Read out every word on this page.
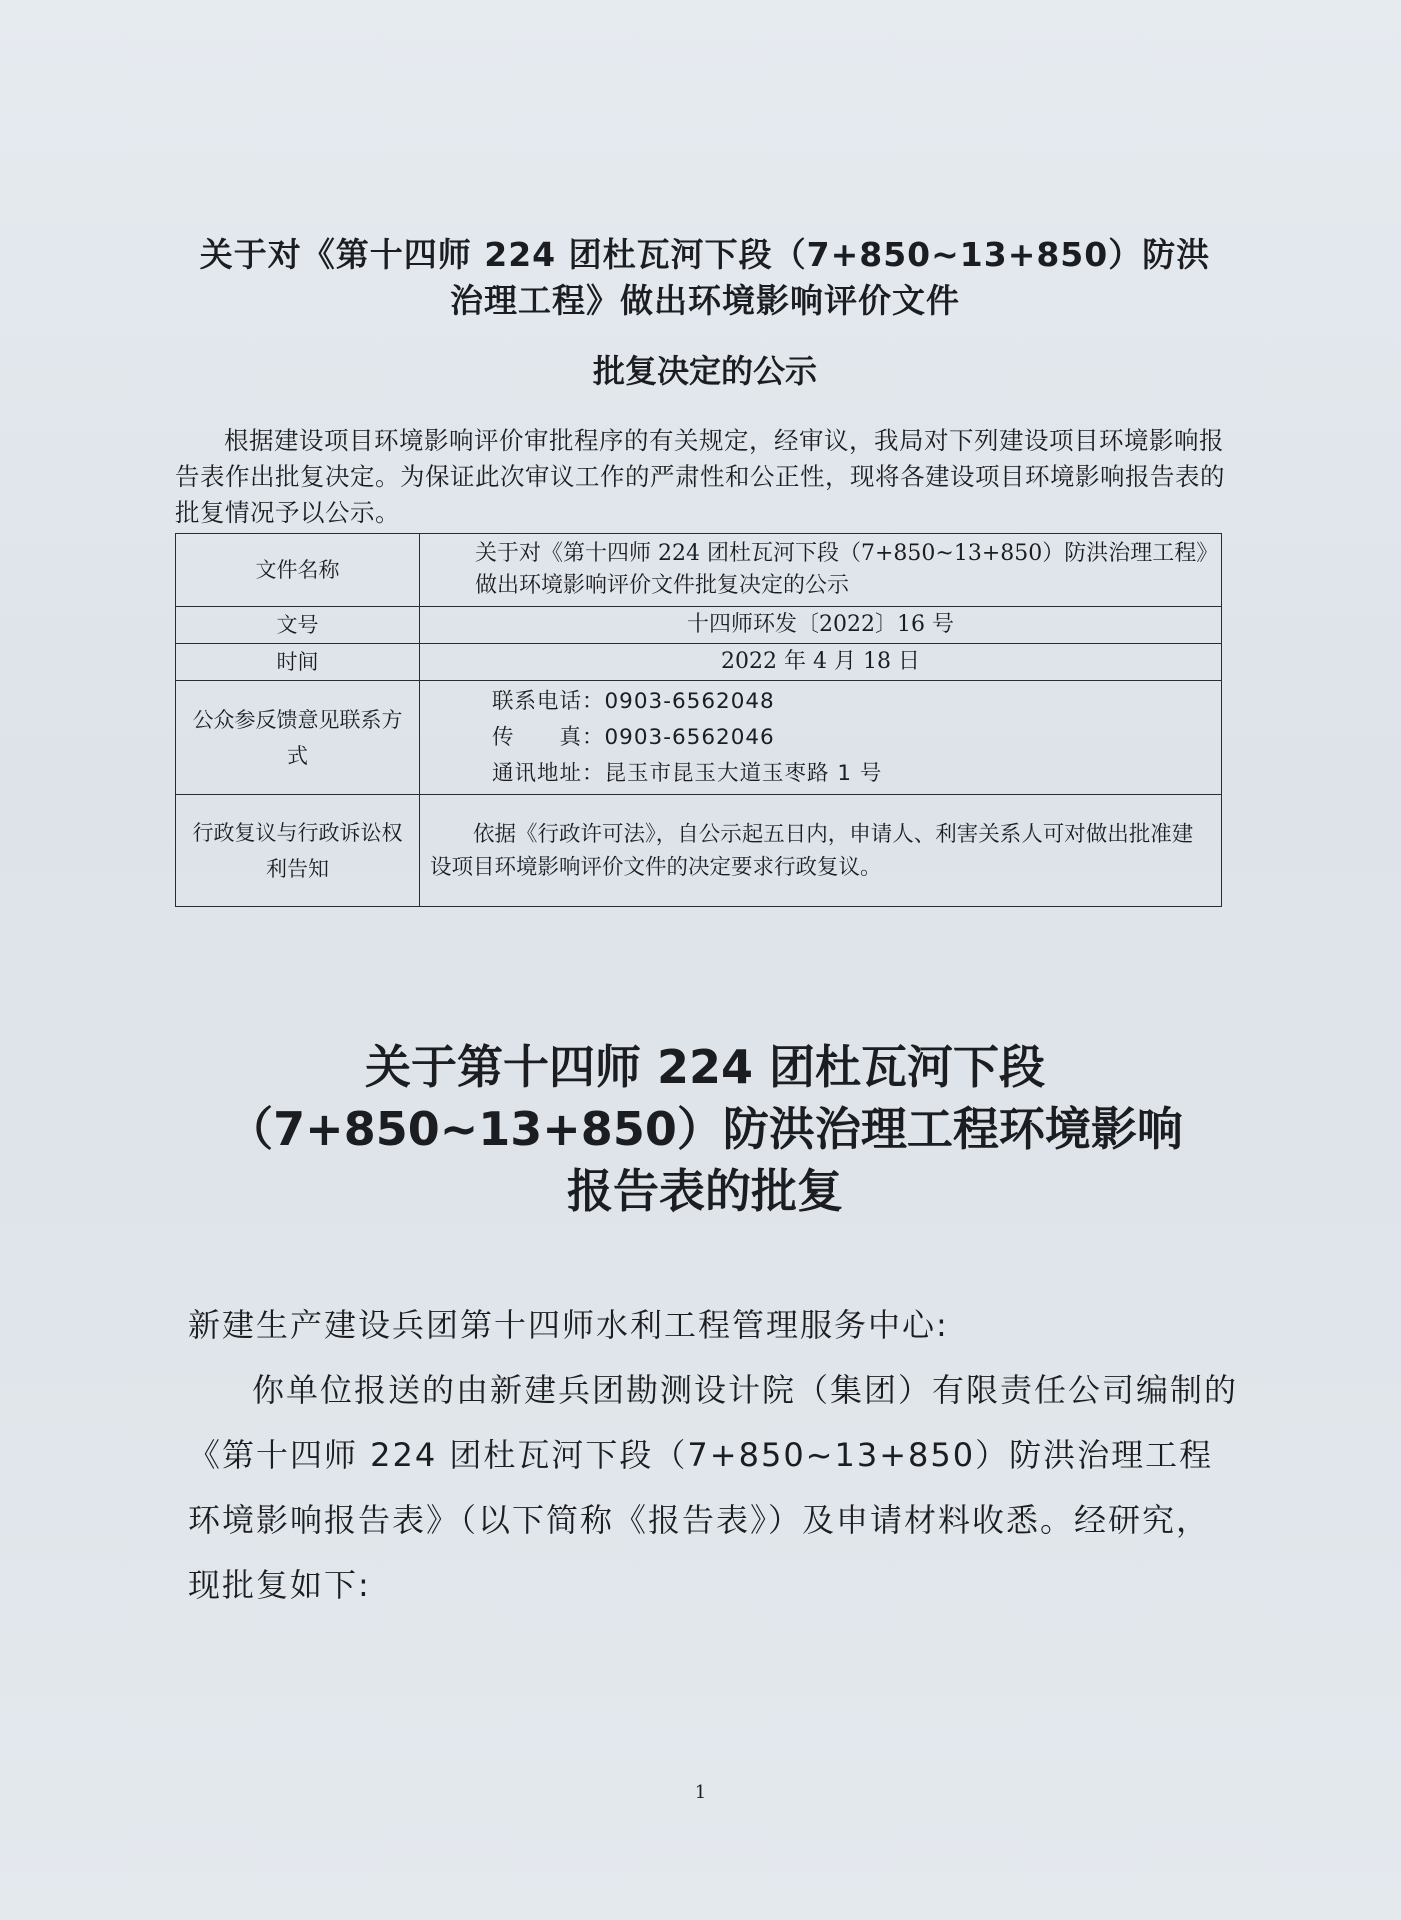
关于对《第十四师 224 团杜瓦河下段（7+850~13+850）防洪
治理工程》做出环境影响评价文件
批复决定的公示
根据建设项目环境影响评价审批程序的有关规定，经审议，我局对下列建设项目环境影响报告表作出批复决定。为保证此次审议工作的严肃性和公正性，现将各建设项目环境影响报告表的批复情况予以公示。
文件名称	关于对《第十四师 224 团杜瓦河下段（7+850~13+850）防洪治理工程》做出环境影响评价文件批复决定的公示
文号	十四师环发〔2022〕16 号
时间	2022 年 4 月 18 日
公众参反馈意见联系方式	联系电话：0903-6562048
传　　真：0903-6562046
通讯地址：昆玉市昆玉大道玉枣路 1 号

行政复议与行政诉讼权利告知	依据《行政许可法》，自公示起五日内，申请人、利害关系人可对做出批准建设项目环境影响评价文件的决定要求行政复议。
关于第十四师 224 团杜瓦河下段
（7+850~13+850）防洪治理工程环境影响
报告表的批复
新建生产建设兵团第十四师水利工程管理服务中心:
你单位报送的由新建兵团勘测设计院（集团）有限责任公司编制的《第十四师 224 团杜瓦河下段（7+850~13+850）防洪治理工程环境影响报告表》（以下简称《报告表》）及申请材料收悉。经研究，现批复如下:
1
